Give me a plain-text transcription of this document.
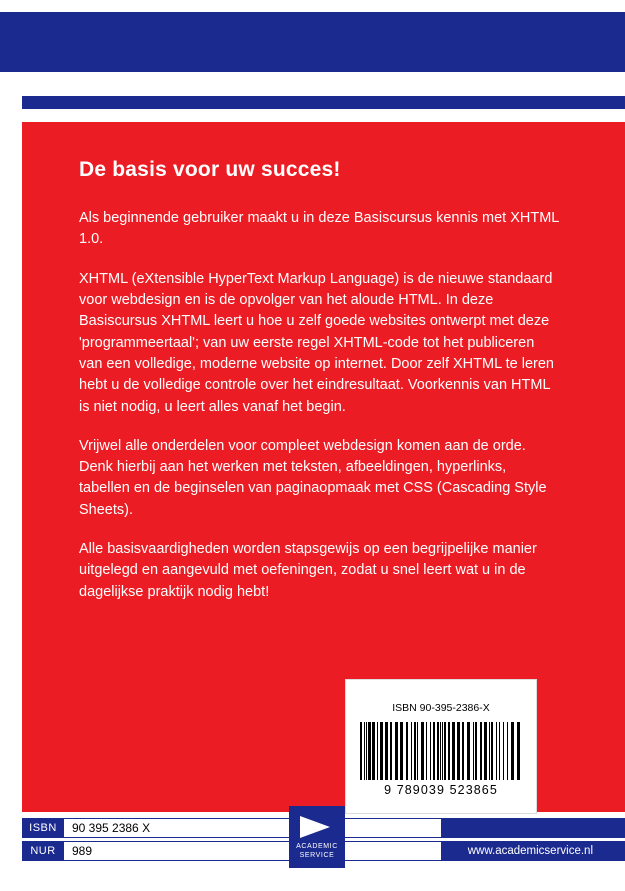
De basis voor uw succes!

Als beginnende gebruiker maakt u in deze Basiscursus kennis met XHTML 1.0.

XHTML (eXtensible HyperText Markup Language) is de nieuwe standaard voor webdesign en is de opvolger van het aloude HTML. In deze Basiscursus XHTML leert u hoe u zelf goede websites ontwerpt met deze 'programmeertaal'; van uw eerste regel XHTML-code tot het publiceren van een volledige, moderne website op internet. Door zelf XHTML te leren hebt u de volledige controle over het eindresultaat. Voorkennis van HTML is niet nodig, u leert alles vanaf het begin.

Vrijwel alle onderdelen voor compleet webdesign komen aan de orde. Denk hierbij aan het werken met teksten, afbeeldingen, hyperlinks, tabellen en de beginselen van paginaopmaak met CSS (Cascading Style Sheets).

Alle basisvaardigheden worden stapsgewijs op een begrijpelijke manier uitgelegd en aangevuld met oefeningen, zodat u snel leert wat u in de dagelijkse praktijk nodig hebt!

ISBN 90-395-2386-X
9 789039 523865
ISBN	90 395 2386 X
NUR	989	www.academicservice.nl
ACADEMIC
SERVICE
